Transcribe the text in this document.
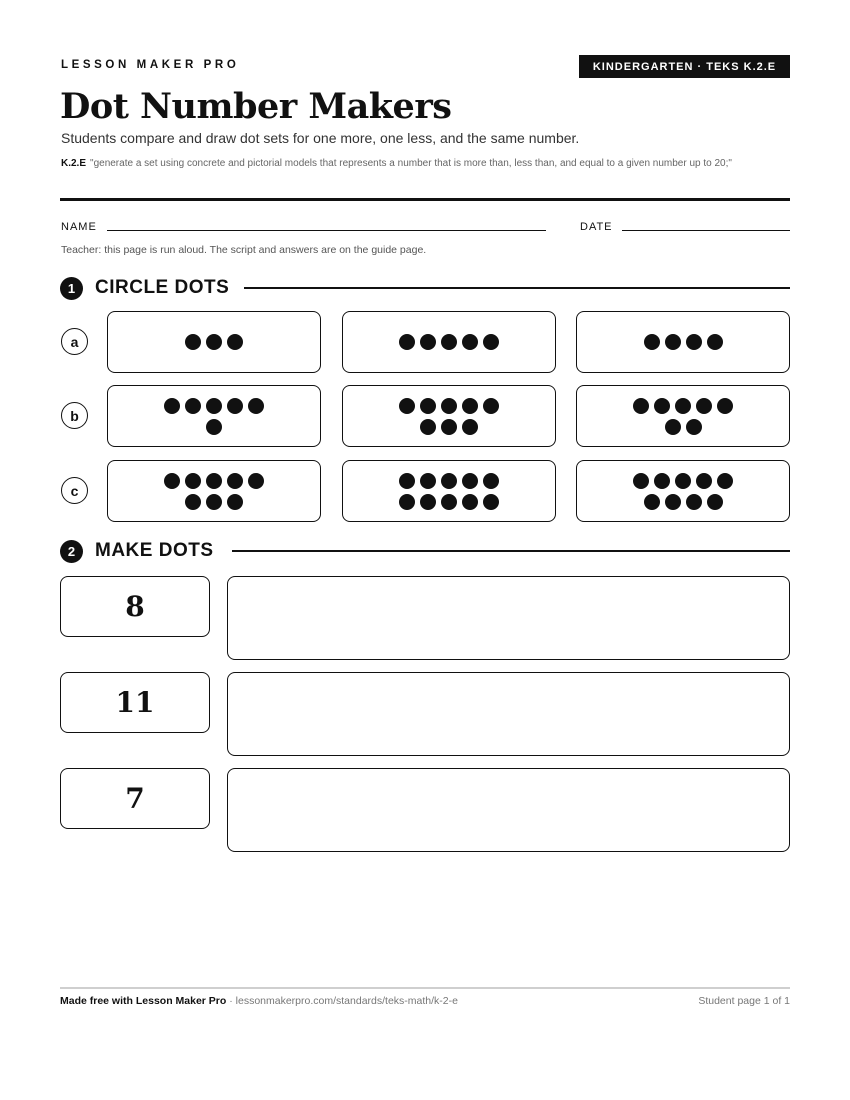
LESSON MAKER PRO	KINDERGARTEN · TEKS K.2.E
Dot Number Makers

Students compare and draw dot sets for one more, one less, and the same number.

K.2.E "generate a set using concrete and pictorial models that represents a number that is more than, less than, and equal to a given number up to 20;"

NAME	DATE

Teacher: this page is run aloud. The script and answers are on the guide page.

1	CIRCLE DOTS
a
b
c
2	MAKE DOTS
8
11
7
Made free with Lesson Maker Pro · lessonmakerpro.com/standards/teks-math/k-2-e	Student page 1 of 1
